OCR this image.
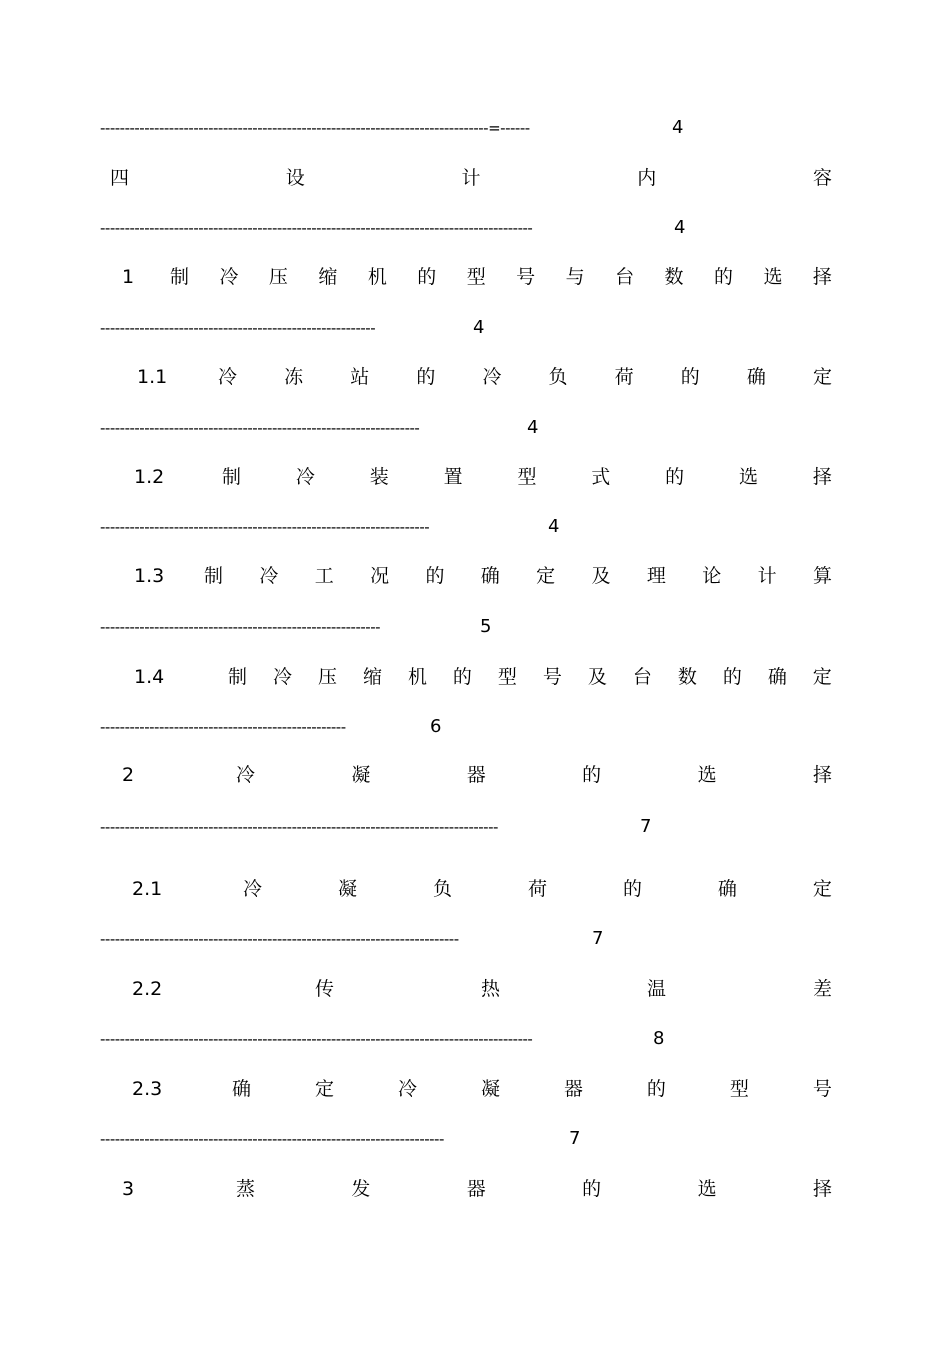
-------------------------------------------------------------------------------=------	4
四	设	计	内	容
----------------------------------------------------------------------------------------	4
1 制 冷 压 缩 机 的 型 号 与 台 数 的 选 择
--------------------------------------------------------	4
1.1	冷 冻 站 的 冷 负 荷 的 确 定
-----------------------------------------------------------------	4
1.2	制	冷	装	置	型	式	的	选	择
-------------------------------------------------------------------	4
1.3 制 冷 工 况 的 确 定 及 理 论 计 算
---------------------------------------------------------	5
1.4	制 冷 压 缩 机 的 型 号 及 台 数 的 确 定
--------------------------------------------------	6
2	冷	凝	器	的	选	择
---------------------------------------------------------------------------------	7
2.1	冷	凝	负	荷	的	确	定
-------------------------------------------------------------------------	7
2.2	传	热	温	差
----------------------------------------------------------------------------------------	8
2.3	确	定	冷	凝	器	的	型	号
----------------------------------------------------------------------	7
3	蒸	发	器	的	选	择
